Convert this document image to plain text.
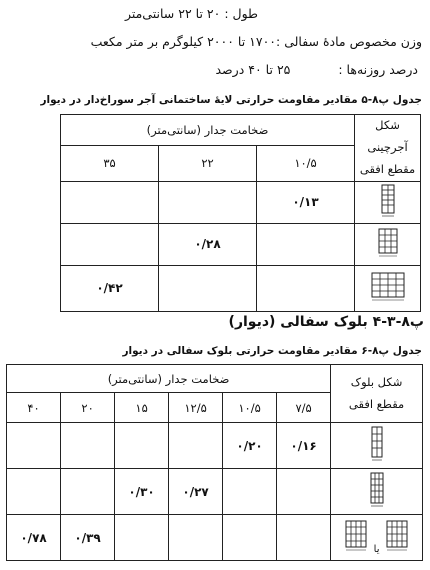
طول : ۲۰ تا ۲۲ سانتی‌متر
وزن مخصوص مادهٔ سفالی :۱۷۰۰ تا ۲۰۰۰ کیلوگرم بر متر مکعب
درصد روزنه‌ها : ۲۵ تا ۴۰ درصد
جدول پ۸-۵ مقادیر مقاومت حرارتی لایهٔ ساختمانی آجر سوراخ‌دار در دیوار
شکل آجرچینی
مقطع افقی	ضخامت جدار (سانتی‌متر)		
	۱۰/۵	۲۲	۳۵
	۰/۱۳		
		۰/۲۸	
			۰/۴۲
پ۸-۳-۴ بلوک سفالی (دیوار)
جدول پ۸-۶ مقادیر مقاومت حرارتی بلوک سفالی در دیوار
شکل بلوک
مقطع افقی	ضخامت جدار (سانتی‌متر)					
	۷/۵	۱۰/۵	۱۲/۵	۱۵	۲۰	۴۰
	۰/۱۶	۰/۲۰				
			۰/۲۷	۰/۳۰		
یا					۰/۳۹	۰/۷۸
